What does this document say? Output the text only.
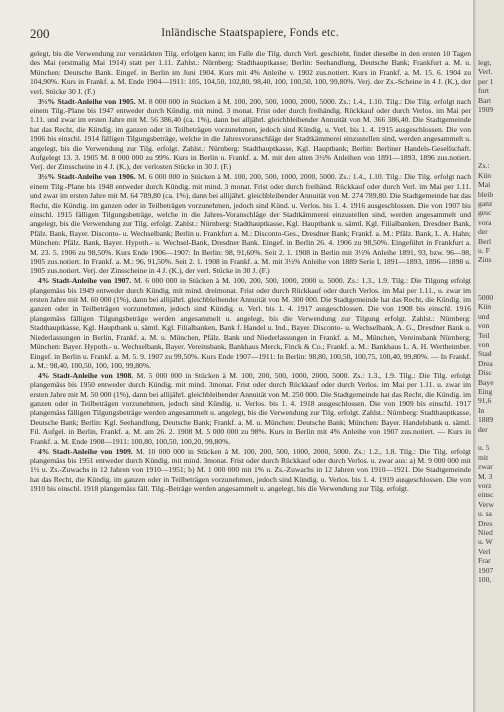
200	Inländische Staatspapiere, Fonds etc.

gelegt, bis die Verwendung zur verstärkten Tilg. erfolgen kann; im Falle die Tilg. durch Verl. geschieht, findet dieselbe in den ersten 10 Tagen des Mai (erstmalig Mai 1914) statt per 1.11. Zahlst.: Nürnberg: Stadthauptkasse; Berlin: Seehandlung, Deutsche Bank; Frankfurt a. M. u. München: Deutsche Bank. Eingef. in Berlin im Juni 1904. Kurs mit 4% Anleihe v. 1902 zus.notiert. Kurs in Frankf. a. M. 15. 6. 1904 zu 104,90%. Kurs in Frankf. a. M. Ende 1904—1911: 105, 104,50, 102,80, 98,40, 100, 100,50, 100, 99,80%. Verj. der Zs.-Scheine in 4 J. (K.), der verl. Stücke 30 J. (F.)

3½% Stadt-Anleihe von 1905. M. 8 000 000 in Stücken à M. 100, 200, 500, 1000, 2000, 5000. Zs.: 1.4., 1.10. Tilg.: Die Tilg. erfolgt nach einem Tilg.-Plane bis 1947 entweder durch Kündig. mit mind. 3 monat. Frist oder durch freihändig. Rückkauf oder durch Verlos. im Mai per 1.11. und zwar im ersten Jahre mit M. 56 386,40 (ca. 1%), dann bei alljährl. gleichbleibender Annuität von M. 366 386,40. Die Stadtgemeinde hat das Recht, die Kündig. im ganzen oder in Teilbeträgen vorzunehmen, jedoch sind Kündig. u. Verl. bis 1. 4. 1915 ausgeschlossen. Die von 1906 bis einschl. 1914 fälligen Tilgungsbeträge, welche in die Jahresvoranschläge der Stadtkämmerei einzustellen sind, werden angesammelt u. angelegt, bis die Verwendung zur Tilg. erfolgt. Zahlst.: Nürnberg: Stadthauptkasse, Kgl. Hauptbank; Berlin: Berliner Handels-Gesellschaft. Aufgelegt 13. 3. 1905 M. 8 000 000 zu 99%. Kurs in Berlin u. Frankf. a. M. mit den alten 3½% Anleihen von 1891—1893, 1896 zus.notiert. Verj. der Zinsscheine in 4 J. (K.), der verlosten Stücke in 30 J. (F.)

3½% Stadt-Anleihe von 1906. M. 6 000 000 in Stücken à M. 100, 200, 500, 1000, 2000, 5000. Zs.: 1.4., 1.10. Tilg.: Die Tilg. erfolgt nach einem Tilg.-Plane bis 1948 entweder durch Kündig. mit mind. 3 monat. Frist oder durch freihänd. Rückkauf oder durch Verl. im Mai per 1.11. und zwar im ersten Jahre mit M. 64 789,80 (ca. 1%), dann bei allijährl. gleichbleibender Annuität von M. 274 789,80. Die Stadtgemeinde hat das Recht, die Kündig. im ganzen oder in Teilbeträgen vorzunehmen, jedoch sind Künd. u. Verlos. bis 1. 4. 1916 ausgeschlossen. Die von 1907 bis einschl. 1915 fälligen Tilgungsbeträge, welche in die Jahres-Voranschläge der Stadtkämmerei einzustellen sind, werden angesammelt und angelegt, bis die Verwendung zur Tilg. erfolgt. Zahlst.: Nürnberg: Stadthauptkasse, Kgl. Hauptbank u. sämtl. Kgl. Filialbanken, Dresdner Bank, Pfälz. Bank, Bayer. Disconto- u. Wechselbank; Berlin u. Frankfurt a. M.: Disconto-Ges., Dresdner Bank; Frankf. a. M.: Pfälz. Bank, L. A. Hahn; München: Pfälz. Bank, Bayer. Hypoth.- u. Wechsel-Bank, Dresdner Bank. Eingef. in Berlin 26. 4. 1906 zu 98,50%. Eingeführt in Frankfurt a. M. 23. 5. 1906 zu 98,50%. Kurs Ende 1906—1907: In Berlin: 98, 91,60%. Seit 2. 1. 1908 in Berlin mit 3½% Anleihe 1891, 93, bzw. 96—98, 1905 zus.notiert. In Frankf. a. M.: 96, 91,50%. Seit 2. 1. 1908 in Frankf. a. M. mit 3½% Anleihe von 1889 Serie I, 1891—1893, 1896—1898 u. 1905 zus.notiert. Verj. der Zinsscheine in 4 J. (K.), der verl. Stücke in 30 J. (F.)

4% Stadt-Anleihe von 1907. M. 6 000 000 in Stücken à M. 100, 200, 500, 1000, 2000 u. 5000. Zs.: 1.3., 1.9. Tilg.: Die Tilgung erfolgt plangemäss bis 1949 entweder durch Kündig. mit mind. dreimonat. Frist oder durch Rückkauf oder durch Verlos. im Mai per 1.11., u. zwar im ersten Jahre mit M. 60 000 (1%), dann bei allijährl. gleichbleibender Annuität von M. 300 000. Die Stadtgemeinde hat das Recht, die Kündig. im ganzen oder in Teilbeträgen vorzunehmen, jedoch sind Kündig. u. Verl. bis 1. 4. 1917 ausgeschlossen. Die von 1908 bis einschl. 1916 plangemäss fälligen Tilgungsbeträge werden angesammelt u. angelegt, bis die Verwendung zur Tilgung erfolgt. Zahlst.: Nürnberg: Stadthauptkasse, Kgl. Hauptbank u. sämtl. Kgl. Filialbanken, Bank f. Handel u. Ind., Bayer. Disconto- u. Wechselbank, A. G., Dresdner Bank u. Niederlassungen in Berlin, Frankf. a. M. u. München, Pfälz. Bank und Niederlassungen in Frankf. a. M., München, Vereinsbank Nürnberg; München: Bayer. Hypoth.- u. Wechselbank, Bayer. Vereinsbank, Bankhaus Merck, Finck & Co.; Frankf. a. M.: Bankhaus L. A. H. Wertheimber. Eingef. in Berlin u. Frankf. a. M. 5. 9. 1907 zu 99,50%. Kurs Ende 1907—1911: In Berlin: 98,80, 100,50, 100,75, 100,40, 99,80%. — In Frankf. a. M.: 98,40, 100,50, 100, 100, 99,80%.

4% Stadt-Anleihe von 1908. M. 5 000 000 in Stücken à M. 100, 200, 500, 1000, 2000, 5000. Zs.: 1.3., 1.9. Tilg.: Die Tilg. erfolgt plangemäss bis 1950 entweder durch Kündig. mit mind. 3monat. Frist oder durch Rückkauf oder durch Verlos. im Mai per 1.11. u. zwar im ersten Jahre mit M. 50 000 (1%), dann bei allijährl. gleichbleibender Annuität von M. 250 000. Die Stadtgemeinde hat das Recht, die Kündig. im ganzen oder in Teilbeträgen vorzunehmen, jedoch sind Kündig. u. Verlos. bis 1. 4. 1918 ausgeschlossen. Die von 1909 bis einschl. 1917 plangemäss fälligen Tilgungsbeträge werden angesammelt u. angelegt, bis die Verwendung zur Tilg. erfolgt. Zahlst.: Nürnberg: Stadthauptkasse, Deutsche Bank; Berlin: Kgl. Seehandlung, Deutsche Bank; Frankf. a. M. u. München: Deutsche Bank; München: Bayer. Handelsbank u. sämtl. Fil. Aufgel. in Berlin, Frankf. a. M. am 26. 2. 1908 M. 5 000 000 zu 98%. Kurs in Berlin mit 4% Anleihe von 1907 zus.notiert. — Kurs in Frankf. a. M. Ende 1908—1911: 100,80, 100,50, 100,20, 99,80%.

4% Stadt-Anleihe von 1909. M. 10 000 000 in Stücken à M. 100, 200, 500, 1000, 2000, 5000. Zs.: 1.2., 1.8. Tilg.: Die Tilg. erfolgt plangemäss bis 1951 entweder durch Kündig. mit mind. 3monat. Frist oder durch Rückkauf oder durch Verlos. u. zwar aus: a) M. 9 000 000 mit 1½ u. Zs.-Zuwachs in 12 Jahren von 1910—1951; b) M. 1 000 000 mit 1% u. Zs.-Zuwachs in 12 Jahren von 1910—1921. Die Stadtgemeinde hat das Recht, die Kündig. im ganzen oder in Teilbeträgen vorzunehmen, jedoch sind Kündig. u. Verlos. bis 1. 4. 1919 ausgeschlossen. Die von 1910 bis einschl. 1918 plangemäss fäll. Tilg.-Beträge werden angesammelt u. angelegt, bis die Verwendung zur Tilg. erfolgt.

legt,
Verl.
per 1
furt
Bart
1909
Zs.:
Kün
Mai
bleib
ganz
gesc
vora
der
Berl
u. F
Zins
5000
Kün
und
von
Teil
von
Stad
Drea
Disc
Baye
Eing
91,6
In
1889
der
u. 5
mit
zwar
M. 3
vorz
einsc
Verw
u. sa
Dres
Nied
u. W
Verl
Frar
1907
100,
